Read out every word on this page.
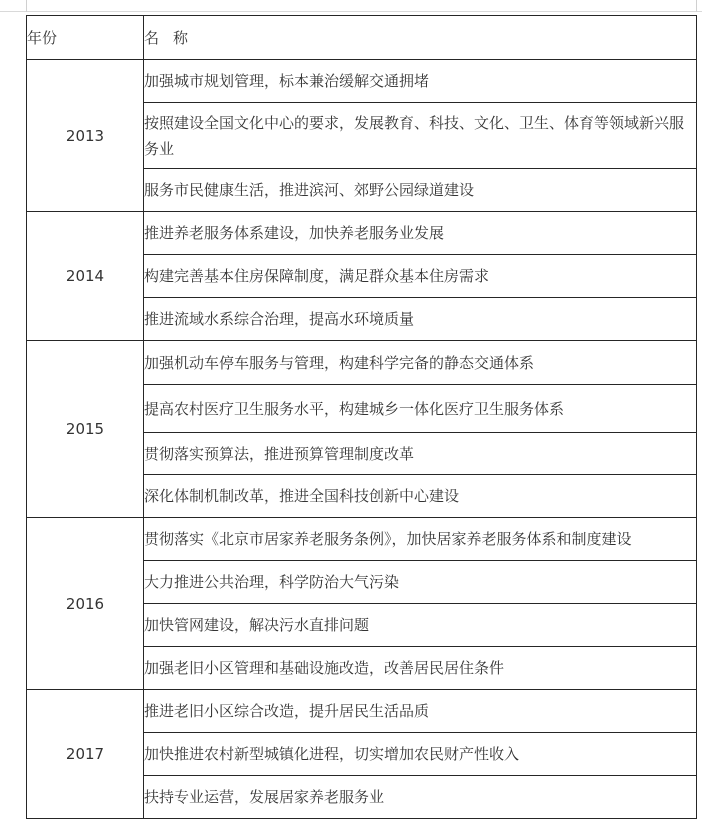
年份	名 称
2013	加强城市规划管理，标本兼治缓解交通拥堵
	按照建设全国文化中心的要求，发展教育、科技、文化、卫生、体育等领域新兴服务业
	服务市民健康生活，推进滨河、郊野公园绿道建设
2014	推进养老服务体系建设，加快养老服务业发展
	构建完善基本住房保障制度，满足群众基本住房需求
	推进流域水系综合治理，提高水环境质量
2015	加强机动车停车服务与管理，构建科学完备的静态交通体系
	提高农村医疗卫生服务水平，构建城乡一体化医疗卫生服务体系
	贯彻落实预算法，推进预算管理制度改革
	深化体制机制改革，推进全国科技创新中心建设
2016	贯彻落实《北京市居家养老服务条例》，加快居家养老服务体系和制度建设
	大力推进公共治理，科学防治大气污染
	加快管网建设，解决污水直排问题
	加强老旧小区管理和基础设施改造，改善居民居住条件
2017	推进老旧小区综合改造，提升居民生活品质
	加快推进农村新型城镇化进程，切实增加农民财产性收入
	扶持专业运营，发展居家养老服务业
